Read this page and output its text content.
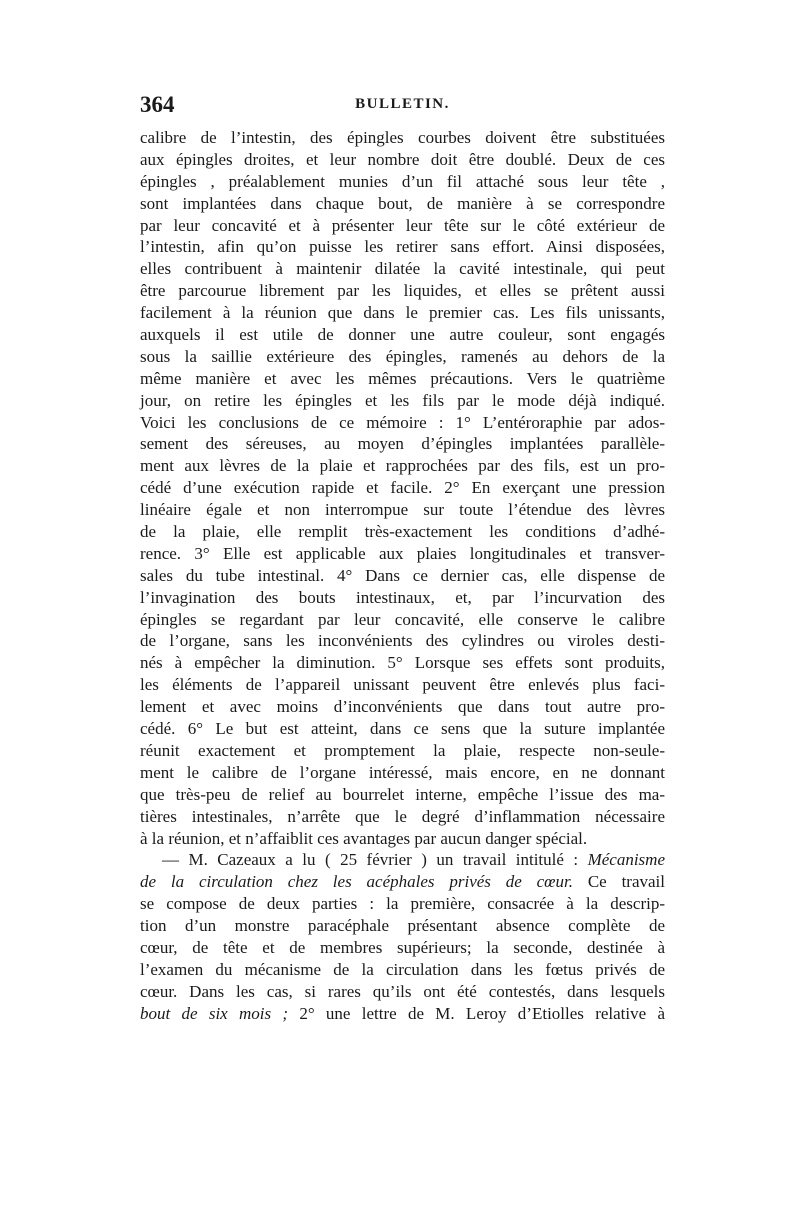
364	BULLETIN.
calibre de l’intestin, des épingles courbes doivent être substituées
aux épingles droites, et leur nombre doit être doublé. Deux de ces
épingles , préalablement munies d’un fil attaché sous leur tête ,
sont implantées dans chaque bout, de manière à se correspondre
par leur concavité et à présenter leur tête sur le côté extérieur de
l’intestin, afin qu’on puisse les retirer sans effort. Ainsi disposées,
elles contribuent à maintenir dilatée la cavité intestinale, qui peut
être parcourue librement par les liquides, et elles se prêtent aussi
facilement à la réunion que dans le premier cas. Les fils unissants,
auxquels il est utile de donner une autre couleur, sont engagés
sous la saillie extérieure des épingles, ramenés au dehors de la
même manière et avec les mêmes précautions. Vers le quatrième
jour, on retire les épingles et les fils par le mode déjà indiqué.
Voici les conclusions de ce mémoire : 1° L’entéroraphie par ados-
sement des séreuses, au moyen d’épingles implantées parallèle-
ment aux lèvres de la plaie et rapprochées par des fils, est un pro-
cédé d’une exécution rapide et facile. 2° En exerçant une pression
linéaire égale et non interrompue sur toute l’étendue des lèvres
de la plaie, elle remplit très-exactement les conditions d’adhé-
rence. 3° Elle est applicable aux plaies longitudinales et transver-
sales du tube intestinal. 4° Dans ce dernier cas, elle dispense de
l’invagination des bouts intestinaux, et, par l’incurvation des
épingles se regardant par leur concavité, elle conserve le calibre
de l’organe, sans les inconvénients des cylindres ou viroles desti-
nés à empêcher la diminution. 5° Lorsque ses effets sont produits,
les éléments de l’appareil unissant peuvent être enlevés plus faci-
lement et avec moins d’inconvénients que dans tout autre pro-
cédé. 6° Le but est atteint, dans ce sens que la suture implantée
réunit exactement et promptement la plaie, respecte non-seule-
ment le calibre de l’organe intéressé, mais encore, en ne donnant
que très-peu de relief au bourrelet interne, empêche l’issue des ma-
tières intestinales, n’arrête que le degré d’inflammation nécessaire
à la réunion, et n’affaiblit ces avantages par aucun danger spécial.
— M. Cazeaux a lu ( 25 février ) un travail intitulé : Mécanisme
de la circulation chez les acéphales privés de cœur. Ce travail
se compose de deux parties : la première, consacrée à la descrip-
tion d’un monstre paracéphale présentant absence complète de
cœur, de tête et de membres supérieurs; la seconde, destinée à
l’examen du mécanisme de la circulation dans les fœtus privés de
cœur. Dans les cas, si rares qu’ils ont été contestés, dans lesquels
bout de six mois ; 2° une lettre de M. Leroy d’Etiolles relative à
